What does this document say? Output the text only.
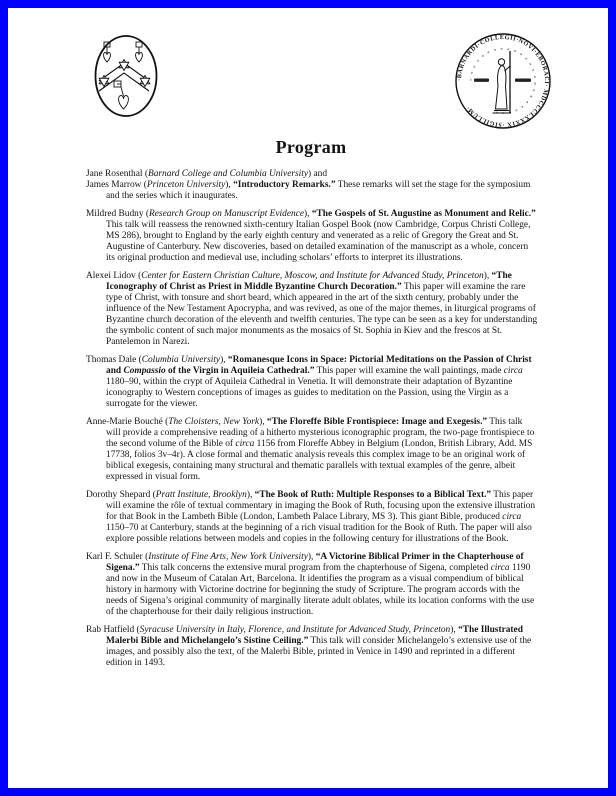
·BARNARDI·COLLEGII·NOVI·EBORACI· MDCCCLXXXIX ·SIGILLUM·
« « « « « « « « « « « « « « « « « « « « « « « «
Program

Jane Rosenthal (Barnard College and Columbia University) and

James Marrow (Princeton University), “Introductory Remarks.” These remarks will set the stage for the symposium and the series which it inaugurates.

Mildred Budny (Research Group on Manuscript Evidence), “The Gospels of St. Augustine as Monument and Relic.” This talk will reassess the renowned sixth-century Italian Gospel Book (now Cambridge, Corpus Christi College, MS 286), brought to England by the early eighth century and venerated as a relic of Gregory the Great and St. Augustine of Canterbury. New discoveries, based on detailed examination of the manuscript as a whole, concern its original production and medieval use, including scholars’ efforts to interpret its illustrations.

Alexei Lidov (Center for Eastern Christian Culture, Moscow, and Institute for Advanced Study, Princeton), “The Iconography of Christ as Priest in Middle Byzantine Church Decoration.” This paper will examine the rare type of Christ, with tonsure and short beard, which appeared in the art of the sixth century, probably under the influence of the New Testament Apocrypha, and was revived, as one of the major themes, in liturgical programs of Byzantine church decoration of the eleventh and twelfth centuries. The type can be seen as a key for understanding the symbolic content of such major monuments as the mosaics of St. Sophia in Kiev and the frescos at St. Pantelemon in Narezi.

Thomas Dale (Columbia University), “Romanesque Icons in Space: Pictorial Meditations on the Passion of Christ and Compassio of the Virgin in Aquileia Cathedral.” This paper will examine the wall paintings, made circa 1180–90, within the crypt of Aquileia Cathedral in Venetia. It will demonstrate their adaptation of Byzantine iconography to Western conceptions of images as guides to meditation on the Passion, using the Virgin as a surrogate for the viewer.

Anne-Marie Bouché (The Cloisters, New York), “The Floreffe Bible Frontispiece: Image and Exegesis.” This talk will provide a comprehensive reading of a hitherto mysterious iconographic program, the two-page frontispiece to the second volume of the Bible of circa 1156 from Floreffe Abbey in Belgium (London, British Library, Add. MS 17738, folios 3v–4r). A close formal and thematic analysis reveals this complex image to be an original work of biblical exegesis, containing many structural and thematic parallels with textual examples of the genre, albeit expressed in visual form.

Dorothy Shepard (Pratt Institute, Brooklyn), “The Book of Ruth: Multiple Responses to a Biblical Text.” This paper will examine the rôle of textual commentary in imaging the Book of Ruth, focusing upon the extensive illustration for that Book in the Lambeth Bible (London, Lambeth Palace Library, MS 3). This giant Bible, produced circa 1150–70 at Canterbury, stands at the beginning of a rich visual tradition for the Book of Ruth. The paper will also explore possible relations between models and copies in the following century for illustrations of the Book.

Karl F. Schuler (Institute of Fine Arts, New York University), “A Victorine Biblical Primer in the Chapterhouse of Sigena.” This talk concerns the extensive mural program from the chapterhouse of Sigena, completed circa 1190 and now in the Museum of Catalan Art, Barcelona. It identifies the program as a visual compendium of biblical history in harmony with Victorine doctrine for beginning the study of Scripture. The program accords with the needs of Sigena’s original community of marginally literate adult oblates, while its location conforms with the use of the chapterhouse for their daily religious instruction.

Rab Hatfield (Syracuse University in Italy, Florence, and Institute for Advanced Study, Princeton), “The Illustrated Malerbi Bible and Michelangelo’s Sistine Ceiling.” This talk will consider Michelangelo’s extensive use of the images, and possibly also the text, of the Malerbi Bible, printed in Venice in 1490 and reprinted in a different edition in 1493.
